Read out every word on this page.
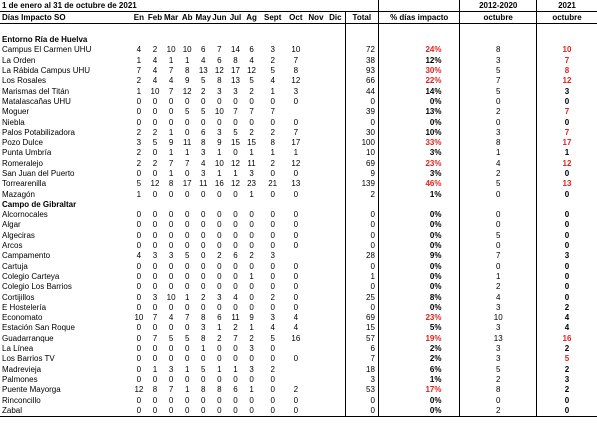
1 de enero al 31 de octubre de 2021															2012-2020	2021
Días Impacto SO	En	Feb	Mar	Ab	May	Jun	Jul	Ag	Sept	Oct	Nov	Dic	Total	% días impacto	octubre	octubre

Entorno Ría de Huelva																
Campus El Carmen UHU	4	2	10	10	6	7	14	6	3	10			72	24%	8	10
La Orden	1	4	1	1	4	6	8	4	2	7			38	12%	3	7
La Rábida Campus UHU	7	4	7	8	13	12	17	12	5	8			93	30%	5	8
Los Rosales	2	4	4	9	5	8	13	5	4	12			66	22%	7	12
Marismas del Titán	1	10	7	12	2	3	3	2	1	3			44	14%	5	3
Matalascañas UHU	0	0	0	0	0	0	0	0	0	0			0	0%	0	0
Moguer	0	0	0	5	5	10	7	7	7				39	13%	2	7
Niebla	0	0	0	0	0	0	0	0	0	0			0	0%	0	0
Palos Potabilizadora	2	2	1	0	6	3	5	2	2	7			30	10%	3	7
Pozo Dulce	3	5	9	11	8	9	15	15	8	17			100	33%	8	17
Punta Umbría	2	0	1	1	3	1	0	1	1	1			10	3%	1	1
Romeralejo	2	2	7	7	4	10	12	11	2	12			69	23%	4	12
San Juan del Puerto	0	0	1	0	3	1	1	3	0	0			9	3%	2	0
Torrearenilla	5	12	8	17	11	16	12	23	21	13			139	46%	5	13
Mazagón	1	0	0	0	0	0	0	1	0	0			2	1%	0	0
Campo de Gibraltar																
Alcornocales	0	0	0	0	0	0	0	0	0	0			0	0%	0	0
Algar	0	0	0	0	0	0	0	0	0	0			0	0%	0	0
Algeciras	0	0	0	0	0	0	0	0	0	0			0	0%	5	0
Arcos	0	0	0	0	0	0	0	0	0	0			0	0%	0	0
Campamento	4	3	3	5	0	2	6	2	3				28	9%	7	3
Cartuja	0	0	0	0	0	0	0	0	0	0			0	0%	0	0
Colegio Carteya	0	0	0	0	0	0	0	1	0	0			1	0%	1	0
Colegio Los Barrios	0	0	0	0	0	0	0	0	0	0			0	0%	2	0
Cortijillos	0	3	10	1	2	3	4	0	2	0			25	8%	4	0
E Hostelería	0	0	0	0	0	0	0	0	0	0			0	0%	3	2
Economato	10	7	4	7	8	6	11	9	3	4			69	23%	10	4
Estación San Roque	0	0	0	0	3	1	2	1	4	4			15	5%	3	4
Guadarranque	0	7	5	5	8	2	7	2	5	16			57	19%	13	16
La Línea	0	0	0	0	1	0	0	3	0				6	2%	3	2
Los Barrios TV	0	0	0	0	0	0	0	0	0	0			7	2%	3	5
Madrevieja	0	1	3	1	5	1	1	3	2				18	6%	5	2
Palmones	0	0	0	0	0	0	0	0	0				3	1%	2	3
Puente Mayorga	12	8	7	1	8	8	6	1	0	2			53	17%	8	2
Rinconcillo	0	0	0	0	0	0	0	0	0	0			0	0%	0	0
Zabal	0	0	0	0	0	0	0	0	0	0			0	0%	2	0
